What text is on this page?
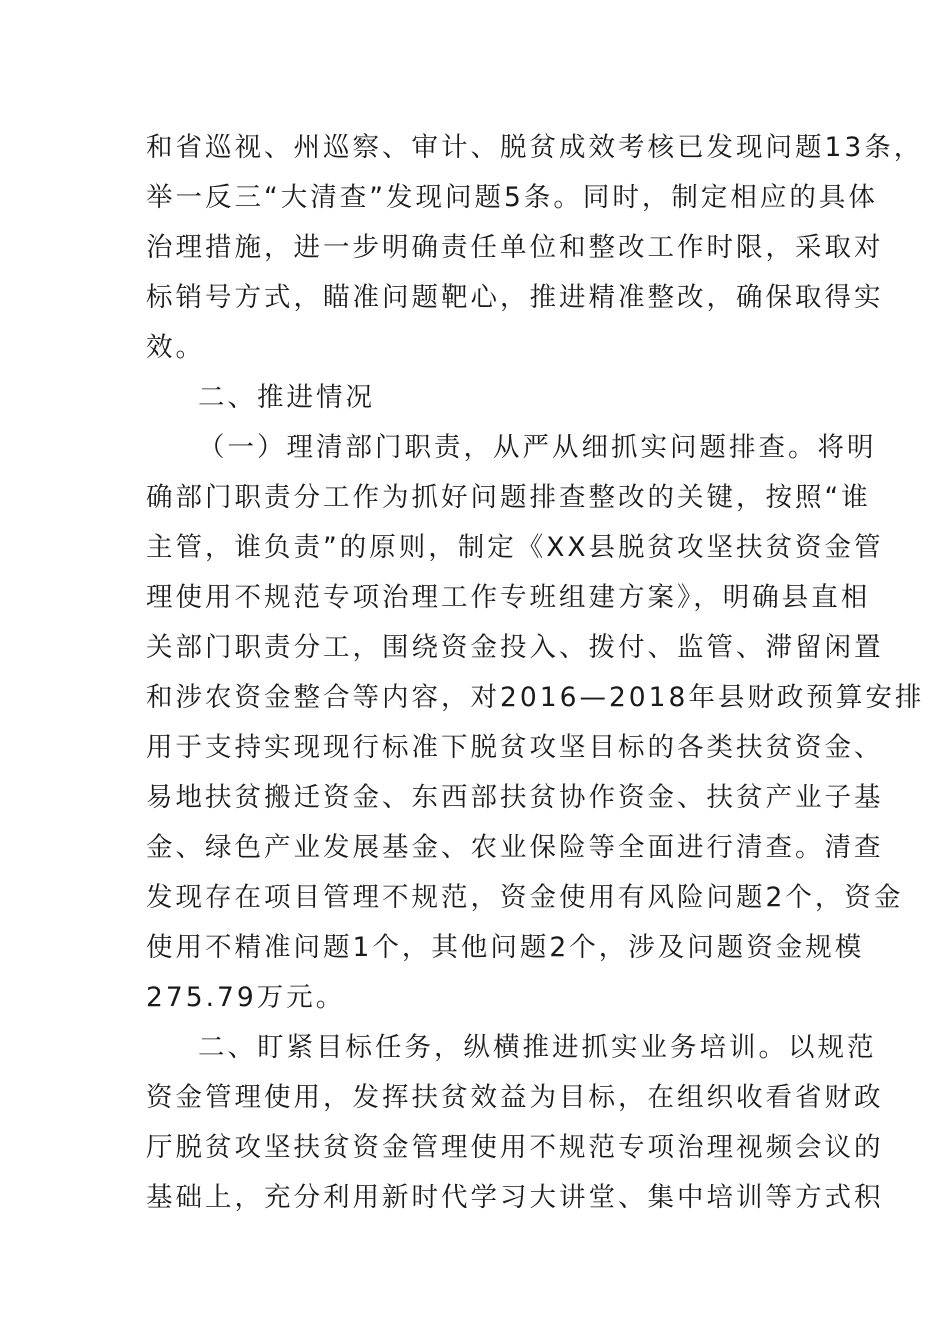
和省巡视、州巡察、审计、脱贫成效考核已发现问题13条，
举一反三“大清查”发现问题5条。同时，制定相应的具体
治理措施，进一步明确责任单位和整改工作时限，采取对
标销号方式，瞄准问题靶心，推进精准整改，确保取得实
效。
二、推进情况
（一）理清部门职责，从严从细抓实问题排查。将明
确部门职责分工作为抓好问题排查整改的关键，按照“谁
主管，谁负责”的原则，制定《XX县脱贫攻坚扶贫资金管
理使用不规范专项治理工作专班组建方案》，明确县直相
关部门职责分工，围绕资金投入、拨付、监管、滞留闲置
和涉农资金整合等内容，对2016—2018年县财政预算安排
用于支持实现现行标准下脱贫攻坚目标的各类扶贫资金、
易地扶贫搬迁资金、东西部扶贫协作资金、扶贫产业子基
金、绿色产业发展基金、农业保险等全面进行清查。清查
发现存在项目管理不规范，资金使用有风险问题2个，资金
使用不精准问题1个，其他问题2个，涉及问题资金规模
275.79万元。
二、盯紧目标任务，纵横推进抓实业务培训。以规范
资金管理使用，发挥扶贫效益为目标，在组织收看省财政
厅脱贫攻坚扶贫资金管理使用不规范专项治理视频会议的
基础上，充分利用新时代学习大讲堂、集中培训等方式积
